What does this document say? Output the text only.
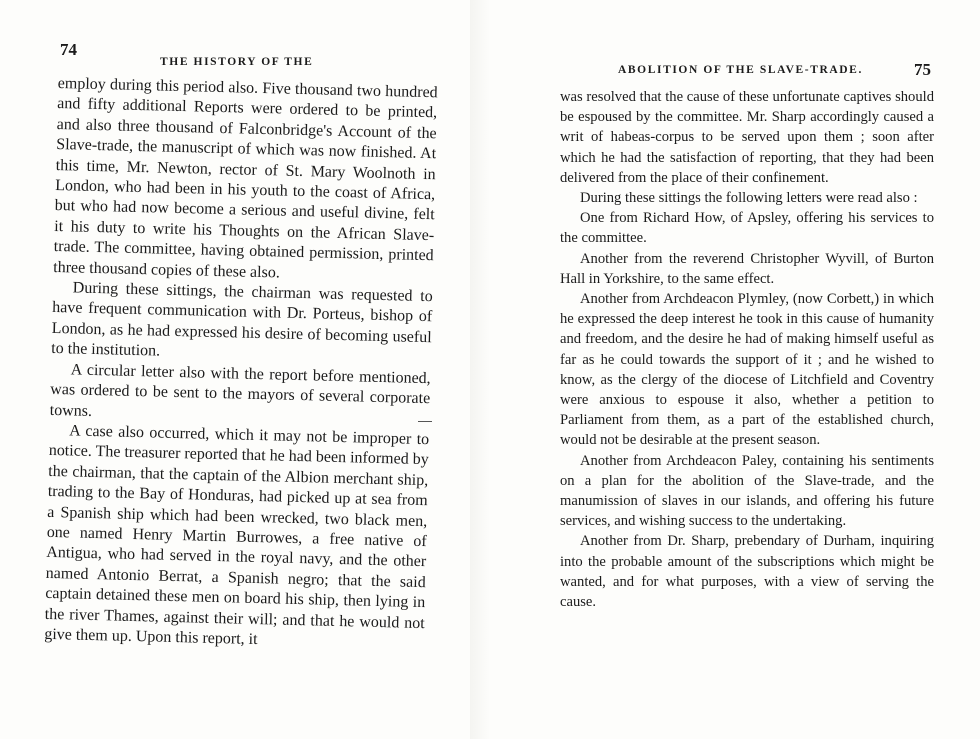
74
THE HISTORY OF THE

employ during this period also. Five thousand two hundred and fifty additional Reports were ordered to be printed, and also three thousand of Falconbridge's Account of the Slave-trade, the manuscript of which was now finished. At this time, Mr. Newton, rector of St. Mary Woolnoth in London, who had been in his youth to the coast of Africa, but who had now become a serious and useful divine, felt it his duty to write his Thoughts on the African Slave-trade. The committee, having obtained permission, printed three thousand copies of these also.

During these sittings, the chairman was requested to have frequent communication with Dr. Porteus, bishop of London, as he had expressed his desire of becoming useful to the institution.

A circular letter also with the report before mentioned, was ordered to be sent to the mayors of several corporate towns.

A case also occurred, which it may not be improper to notice. The treasurer reported that he had been informed by the chairman, that the captain of the Albion merchant ship, trading to the Bay of Honduras, had picked up at sea from a Spanish ship which had been wrecked, two black men, one named Henry Martin Burrowes, a free native of Antigua, who had served in the royal navy, and the other named Antonio Berrat, a Spanish negro; that the said captain detained these men on board his ship, then lying in the river Thames, against their will; and that he would not give them up. Upon this report, it

ABOLITION OF THE SLAVE-TRADE.	75

was resolved that the cause of these unfortunate captives should be espoused by the committee. Mr. Sharp accordingly caused a writ of habeas-corpus to be served upon them ; soon after which he had the satisfaction of reporting, that they had been delivered from the place of their confinement.

During these sittings the following letters were read also :

One from Richard How, of Apsley, offering his services to the committee.

Another from the reverend Christopher Wyvill, of Burton Hall in Yorkshire, to the same effect.

Another from Archdeacon Plymley, (now Corbett,) in which he expressed the deep interest he took in this cause of humanity and freedom, and the desire he had of making himself useful as far as he could towards the support of it ; and he wished to know, as the clergy of the diocese of Litchfield and Coventry were anxious to espouse it also, whether a petition to Parliament from them, as a part of the established church, would not be desirable at the present season.

Another from Archdeacon Paley, containing his sentiments on a plan for the abolition of the Slave-trade, and the manumission of slaves in our islands, and offering his future services, and wishing success to the undertaking.

Another from Dr. Sharp, prebendary of Durham, inquiring into the probable amount of the subscriptions which might be wanted, and for what purposes, with a view of serving the cause.
